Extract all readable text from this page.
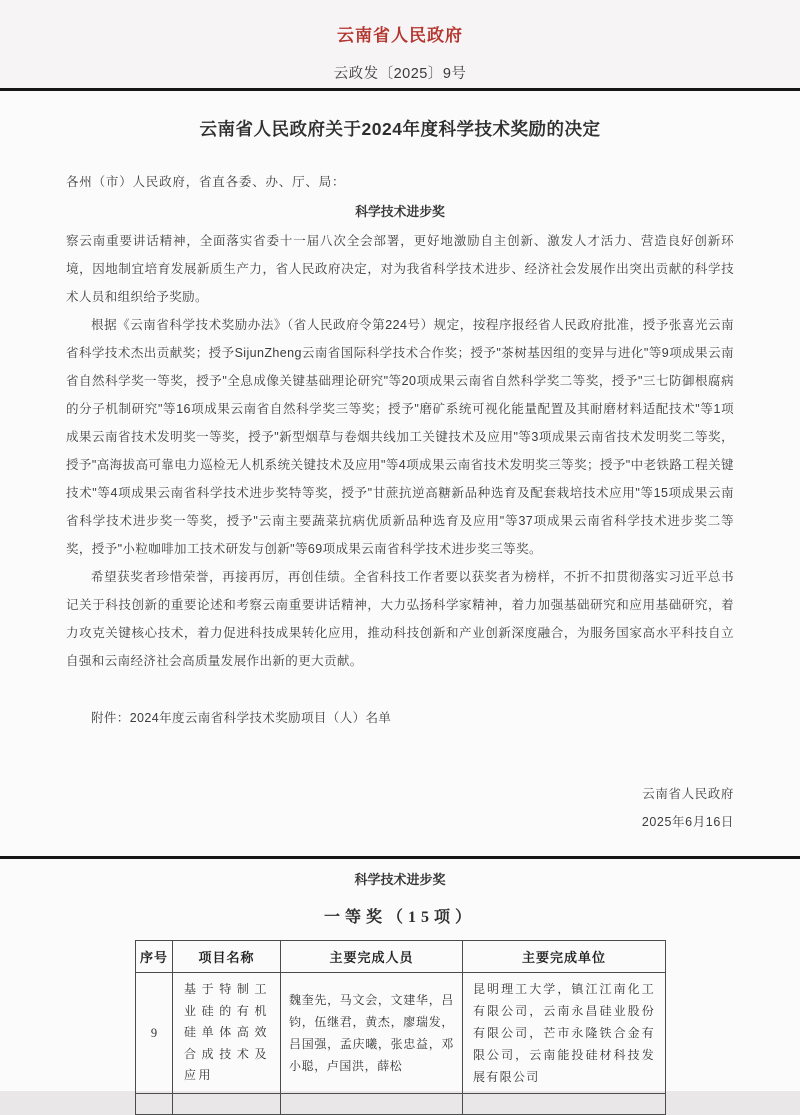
云南省人民政府
云政发〔2025〕9号
云南省人民政府关于2024年度科学技术奖励的决定
各州（市）人民政府，省直各委、办、厅、局：
科学技术进步奖

察云南重要讲话精神，全面落实省委十一届八次全会部署，更好地激励自主创新、激发人才活力、营造良好创新环境，因地制宜培育发展新质生产力，省人民政府决定，对为我省科学技术进步、经济社会发展作出突出贡献的科学技术人员和组织给予奖励。

根据《云南省科学技术奖励办法》（省人民政府令第224号）规定，按程序报经省人民政府批准，授予张喜光云南省科学技术杰出贡献奖；授予SijunZheng云南省国际科学技术合作奖；授予"茶树基因组的变异与进化"等9项成果云南省自然科学奖一等奖，授予"全息成像关键基础理论研究"等20项成果云南省自然科学奖二等奖，授予"三七防御根腐病的分子机制研究"等16项成果云南省自然科学奖三等奖；授予"磨矿系统可视化能量配置及其耐磨材料适配技术"等1项成果云南省技术发明奖一等奖，授予"新型烟草与卷烟共线加工关键技术及应用"等3项成果云南省技术发明奖二等奖，授予"高海拔高可靠电力巡检无人机系统关键技术及应用"等4项成果云南省技术发明奖三等奖；授予"中老铁路工程关键技术"等4项成果云南省科学技术进步奖特等奖，授予"甘蔗抗逆高糖新品种选育及配套栽培技术应用"等15项成果云南省科学技术进步奖一等奖，授予"云南主要蔬菜抗病优质新品种选育及应用"等37项成果云南省科学技术进步奖二等奖，授予"小粒咖啡加工技术研发与创新"等69项成果云南省科学技术进步奖三等奖。

希望获奖者珍惜荣誉，再接再厉，再创佳绩。全省科技工作者要以获奖者为榜样，不折不扣贯彻落实习近平总书记关于科技创新的重要论述和考察云南重要讲话精神，大力弘扬科学家精神，着力加强基础研究和应用基础研究，着力攻克关键核心技术，着力促进科技成果转化应用，推动科技创新和产业创新深度融合，为服务国家高水平科技自立自强和云南经济社会高质量发展作出新的更大贡献。

附件：2024年度云南省科学技术奖励项目（人）名单
云南省人民政府
2025年6月16日
科学技术进步奖
一等奖（15项）
序号	项目名称	主要完成人员	主要完成单位
9	基于特制工业硅的有机硅单体高效合成技术及应用	魏奎先，马文会，文建华，吕钧，伍继君，黄杰，廖瑞发，吕国强，孟庆曦，张忠益，邓小聪，卢国洪，薛松	昆明理工大学，镇江江南化工有限公司，云南永昌硅业股份有限公司，芒市永隆铁合金有限公司，云南能投硅材科技发展有限公司
